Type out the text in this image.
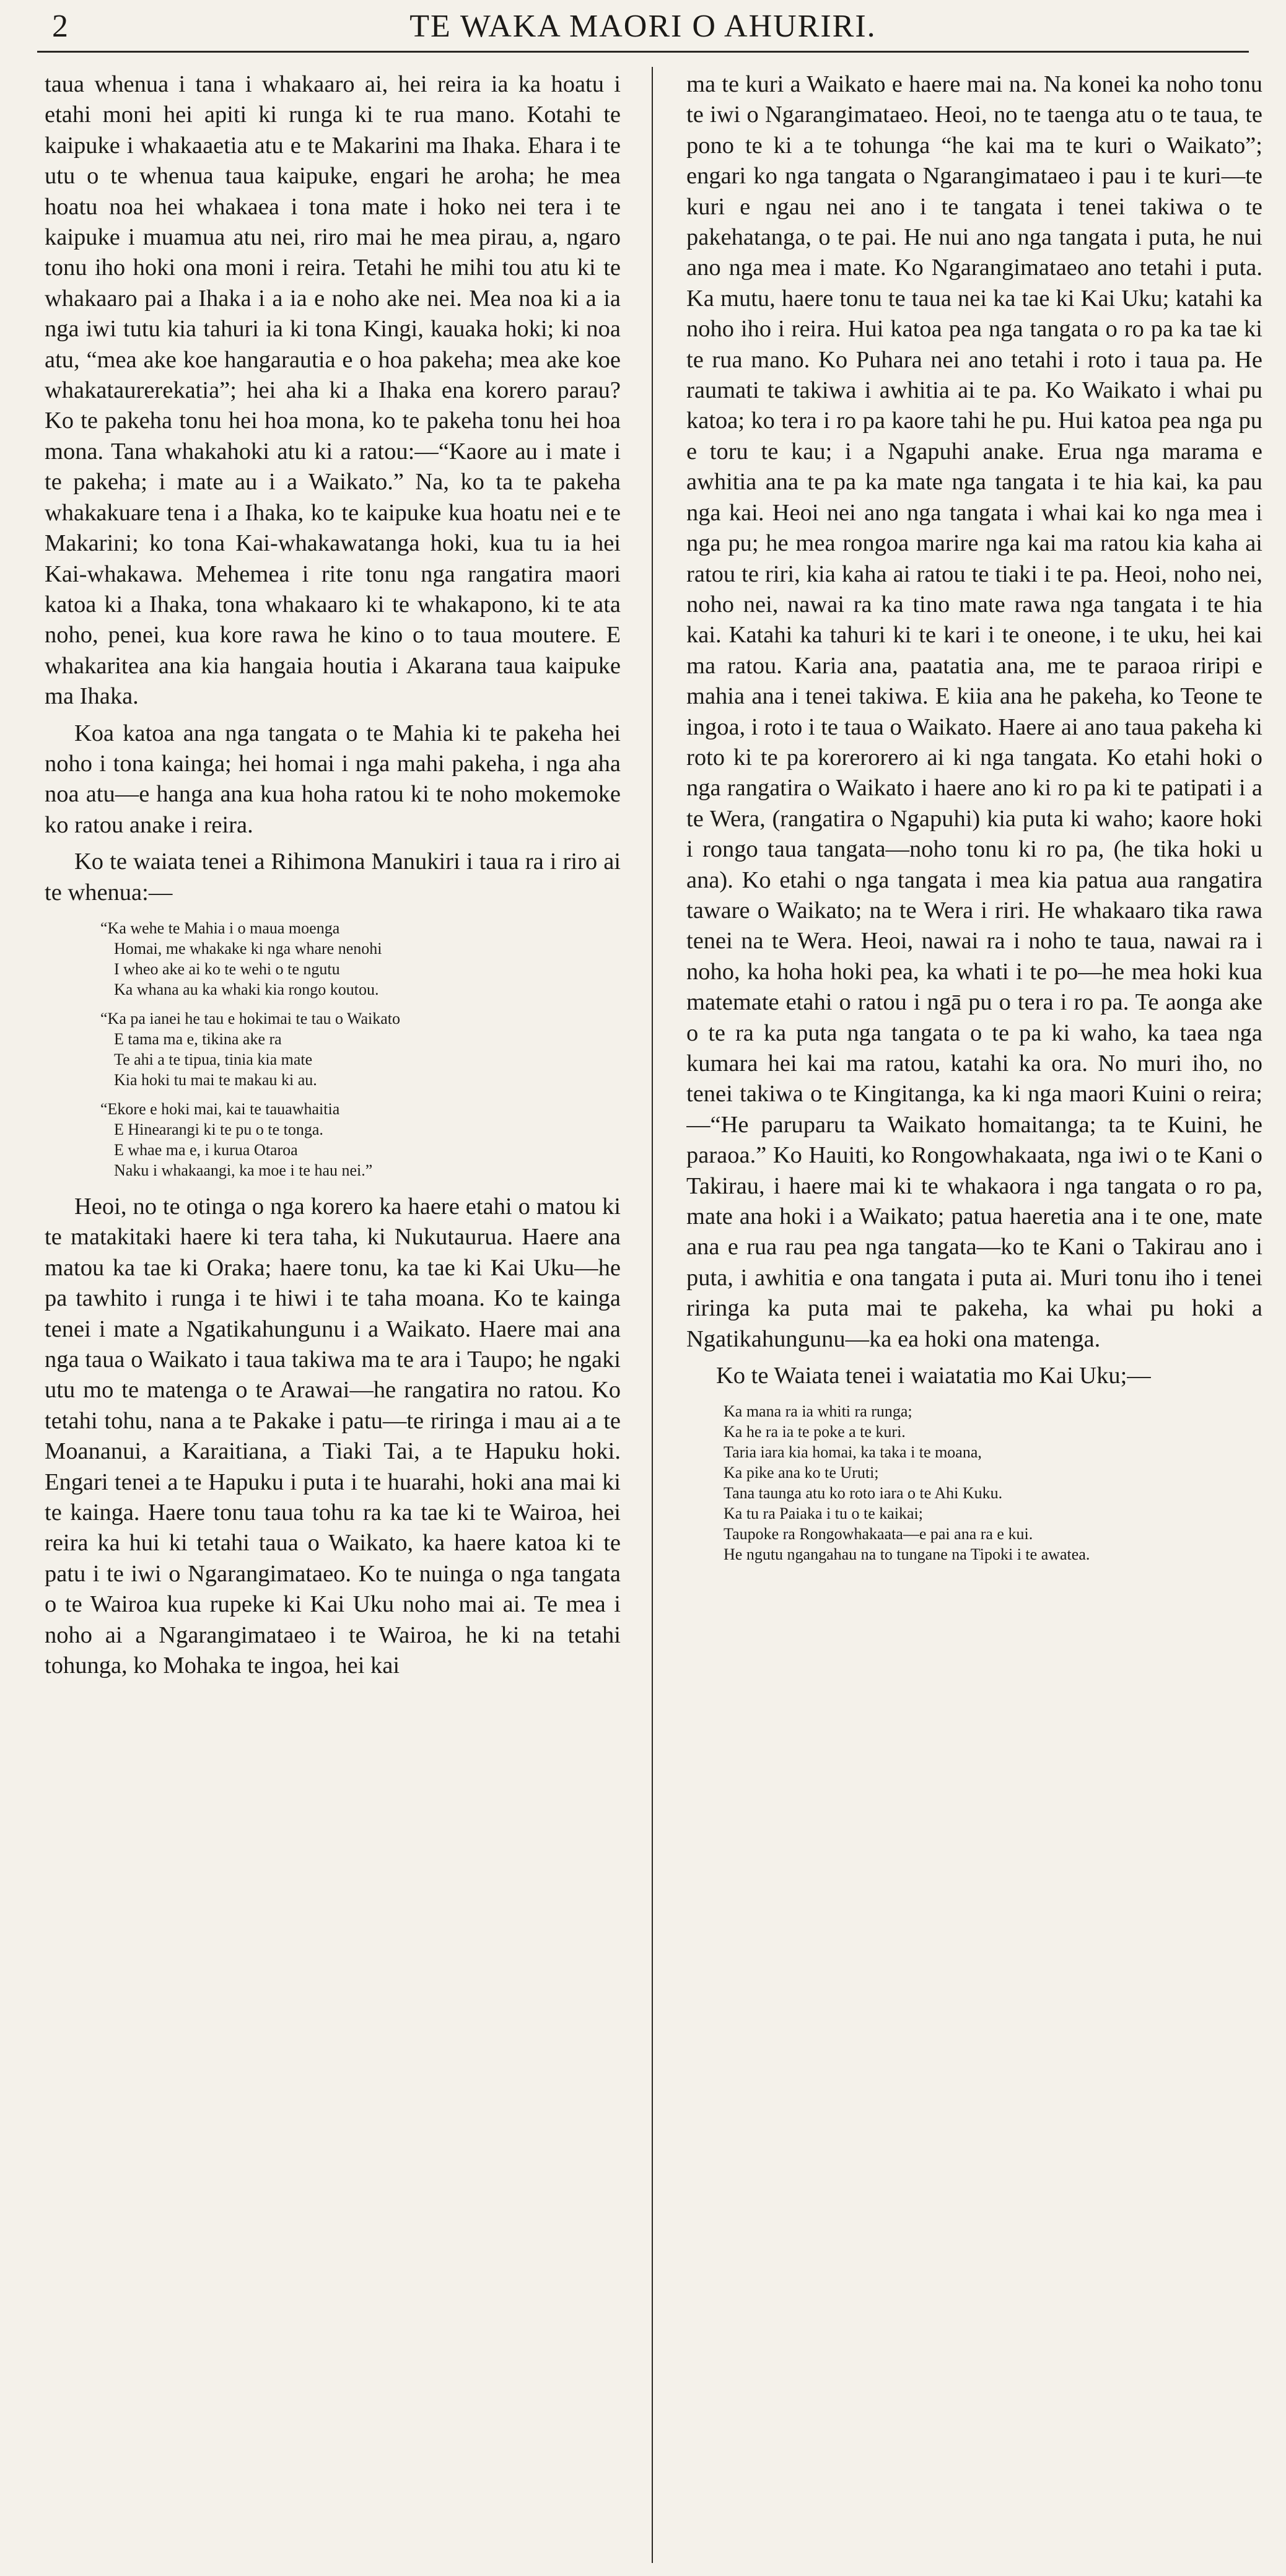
2	TE WAKA MAORI O AHURIRI.

taua whenua i tana i whakaaro ai, hei reira ia ka hoatu i etahi moni hei apiti ki runga ki te rua mano. Kotahi te kaipuke i whakaaetia atu e te Makarini ma Ihaka. Ehara i te utu o te whenua taua kaipuke, engari he aroha; he mea hoatu noa hei whakaea i tona mate i hoko nei tera i te kaipuke i muamua atu nei, riro mai he mea pirau, a, ngaro tonu iho hoki ona moni i reira. Tetahi he mihi tou atu ki te whakaaro pai a Ihaka i a ia e noho ake nei. Mea noa ki a ia nga iwi tutu kia tahuri ia ki tona Kingi, kauaka hoki; ki noa atu, “mea ake koe hangarautia e o hoa pakeha; mea ake koe whakataurerekatia”; hei aha ki a Ihaka ena korero parau? Ko te pakeha tonu hei hoa mona, ko te pakeha tonu hei hoa mona. Tana whakahoki atu ki a ratou:—“Kaore au i mate i te pakeha; i mate au i a Waikato.” Na, ko ta te pakeha whakakuare tena i a Ihaka, ko te kaipuke kua hoatu nei e te Makarini; ko tona Kai-whakawatanga hoki, kua tu ia hei Kai-whakawa. Mehemea i rite tonu nga rangatira maori katoa ki a Ihaka, tona whakaaro ki te whakapono, ki te ata noho, penei, kua kore rawa he kino o to taua moutere. E whakaritea ana kia hangaia houtia i Akarana taua kaipuke ma Ihaka.

Koa katoa ana nga tangata o te Mahia ki te pakeha hei noho i tona kainga; hei homai i nga mahi pakeha, i nga aha noa atu—e hanga ana kua hoha ratou ki te noho mokemoke ko ratou anake i reira.

Ko te waiata tenei a Rihimona Manukiri i taua ra i riro ai te whenua:—

“Ka wehe te Mahia i o maua moenga
Homai, me whakake ki nga whare nenohi
I wheo ake ai ko te wehi o te ngutu
Ka whana au ka whaki kia rongo koutou.
“Ka pa ianei he tau e hokimai te tau o Waikato
E tama ma e, tikina ake ra
Te ahi a te tipua, tinia kia mate
Kia hoki tu mai te makau ki au.
“Ekore e hoki mai, kai te tauawhaitia
E Hinearangi ki te pu o te tonga.
E whae ma e, i kurua Otaroa
Naku i whakaangi, ka moe i te hau nei.”

Heoi, no te otinga o nga korero ka haere etahi o matou ki te matakitaki haere ki tera taha, ki Nukutaurua. Haere ana matou ka tae ki Oraka; haere tonu, ka tae ki Kai Uku—he pa tawhito i runga i te hiwi i te taha moana. Ko te kainga tenei i mate a Ngatikahungunu i a Waikato. Haere mai ana nga taua o Waikato i taua takiwa ma te ara i Taupo; he ngaki utu mo te matenga o te Arawai—he rangatira no ratou. Ko tetahi tohu, nana a te Pakake i patu—te riringa i mau ai a te Moananui, a Karaitiana, a Tiaki Tai, a te Hapuku hoki. Engari tenei a te Hapuku i puta i te huarahi, hoki ana mai ki te kainga. Haere tonu taua tohu ra ka tae ki te Wairoa, hei reira ka hui ki tetahi taua o Waikato, ka haere katoa ki te patu i te iwi o Ngarangimataeo. Ko te nuinga o nga tangata o te Wairoa kua rupeke ki Kai Uku noho mai ai. Te mea i noho ai a Ngarangimataeo i te Wairoa, he ki na tetahi tohunga, ko Mohaka te ingoa, hei kai

ma te kuri a Waikato e haere mai na. Na konei ka noho tonu te iwi o Ngarangimataeo. Heoi, no te taenga atu o te taua, te pono te ki a te tohunga “he kai ma te kuri o Waikato”; engari ko nga tangata o Ngarangimataeo i pau i te kuri—te kuri e ngau nei ano i te tangata i tenei takiwa o te pakehatanga, o te pai. He nui ano nga tangata i puta, he nui ano nga mea i mate. Ko Ngarangimataeo ano tetahi i puta. Ka mutu, haere tonu te taua nei ka tae ki Kai Uku; katahi ka noho iho i reira. Hui katoa pea nga tangata o ro pa ka tae ki te rua mano. Ko Puhara nei ano tetahi i roto i taua pa. He raumati te takiwa i awhitia ai te pa. Ko Waikato i whai pu katoa; ko tera i ro pa kaore tahi he pu. Hui katoa pea nga pu e toru te kau; i a Ngapuhi anake. Erua nga marama e awhitia ana te pa ka mate nga tangata i te hia kai, ka pau nga kai. Heoi nei ano nga tangata i whai kai ko nga mea i nga pu; he mea rongoa marire nga kai ma ratou kia kaha ai ratou te riri, kia kaha ai ratou te tiaki i te pa. Heoi, noho nei, noho nei, nawai ra ka tino mate rawa nga tangata i te hia kai. Katahi ka tahuri ki te kari i te oneone, i te uku, hei kai ma ratou. Karia ana, paatatia ana, me te paraoa riripi e mahia ana i tenei takiwa. E kiia ana he pakeha, ko Teone te ingoa, i roto i te taua o Waikato. Haere ai ano taua pakeha ki roto ki te pa korerorero ai ki nga tangata. Ko etahi hoki o nga rangatira o Waikato i haere ano ki ro pa ki te patipati i a te Wera, (rangatira o Ngapuhi) kia puta ki waho; kaore hoki i rongo taua tangata—noho tonu ki ro pa, (he tika hoki u ana). Ko etahi o nga tangata i mea kia patua aua rangatira taware o Waikato; na te Wera i riri. He whakaaro tika rawa tenei na te Wera. Heoi, nawai ra i noho te taua, nawai ra i noho, ka hoha hoki pea, ka whati i te po—he mea hoki kua matemate etahi o ratou i ngā pu o tera i ro pa. Te aonga ake o te ra ka puta nga tangata o te pa ki waho, ka taea nga kumara hei kai ma ratou, katahi ka ora. No muri iho, no tenei takiwa o te Kingitanga, ka ki nga maori Kuini o reira;—“He paruparu ta Waikato homaitanga; ta te Kuini, he paraoa.” Ko Hauiti, ko Rongowhakaata, nga iwi o te Kani o Takirau, i haere mai ki te whakaora i nga tangata o ro pa, mate ana hoki i a Waikato; patua haeretia ana i te one, mate ana e rua rau pea nga tangata—ko te Kani o Takirau ano i puta, i awhitia e ona tangata i puta ai. Muri tonu iho i tenei riringa ka puta mai te pakeha, ka whai pu hoki a Ngatikahungunu—ka ea hoki ona matenga.

Ko te Waiata tenei i waiatatia mo Kai Uku;—

Ka mana ra ia whiti ra runga;
Ka he ra ia te poke a te kuri.
Taria iara kia homai, ka taka i te moana,
Ka pike ana ko te Uruti;
Tana taunga atu ko roto iara o te Ahi Kuku.
Ka tu ra Paiaka i tu o te kaikai;
Taupoke ra Rongowhakaata—e pai ana ra e kui.
He ngutu ngangahau na to tungane na Tipoki i te awatea.
